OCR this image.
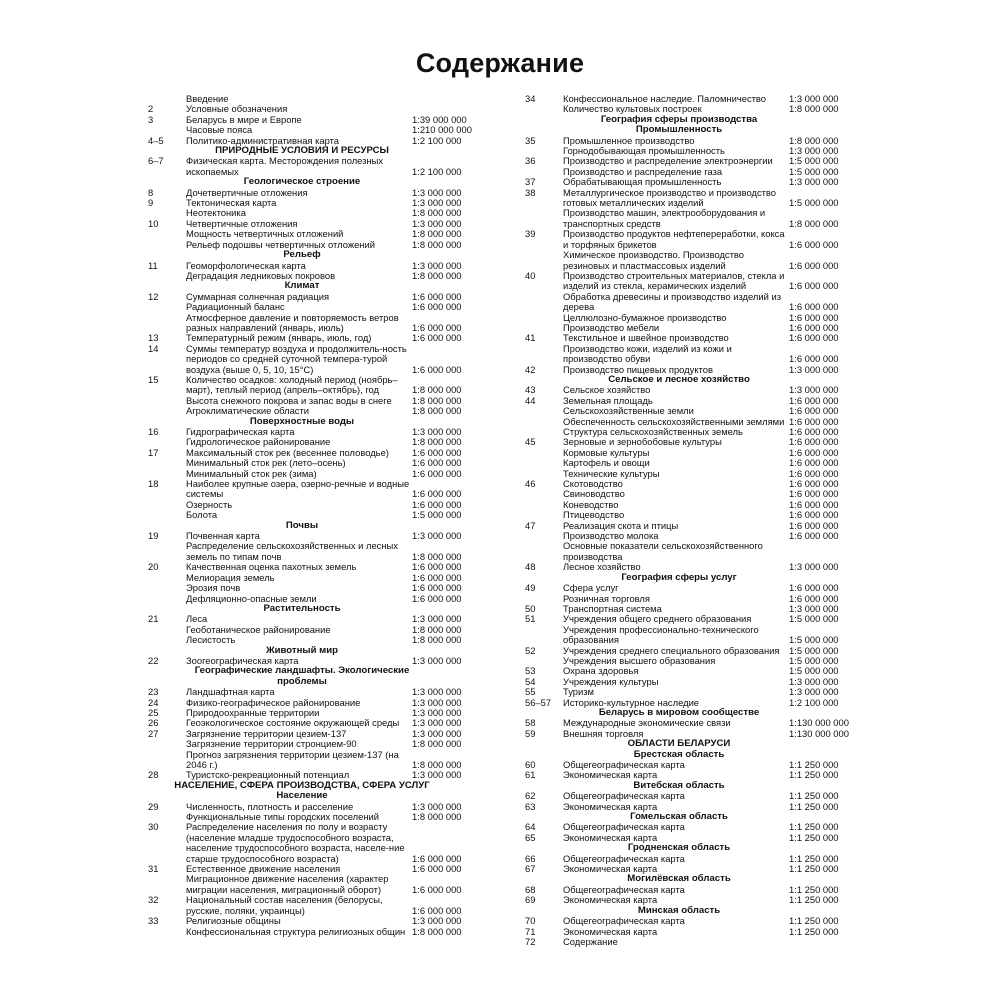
Содержание
Введение
2	Условные обозначения
3	Беларусь в мире и Европе	1:39 000 000
Часовые пояса	1:210 000 000
4–5 Политико-административная карта	1:2 100 000
ПРИРОДНЫЕ УСЛОВИЯ И РЕСУРСЫ
6–7 Физическая карта. Месторождения полезных ископаемых	1:2 100 000
Геологическое строение
8	Дочетвертичные отложения	1:3 000 000
9	Тектоническая карта	1:3 000 000
Неотектоника	1:8 000 000
10	Четвертичные отложения	1:3 000 000
Мощность четвертичных отложений	1:8 000 000
Рельеф подошвы четвертичных отложений	1:8 000 000
Рельеф
11	Геоморфологическая карта	1:3 000 000
Деградация ледниковых покровов	1:8 000 000
Климат
12	Суммарная солнечная радиация	1:6 000 000
Радиационный баланс	1:6 000 000
Атмосферное давление и повторяемость ветров разных направлений (январь, июль)	1:6 000 000
13	Температурный режим (январь, июль, год)	1:6 000 000
14	Суммы температур воздуха и продолжитель-ность периодов со средней суточной темпера-турой воздуха (выше 0, 5, 10, 15°С)	1:6 000 000
15	Количество осадков: холодный период (ноябрь–март), теплый период (апрель–октябрь), год	1:8 000 000
Высота снежного покрова и запас воды в снеге	1:8 000 000
Агроклиматические области	1:8 000 000
Поверхностные воды
16	Гидрографическая карта	1:3 000 000
Гидрологическое районирование	1:8 000 000
17	Максимальный сток рек (весеннее половодье)	1:6 000 000
Минимальный сток рек (лето–осень)	1:6 000 000
Минимальный сток рек (зима)	1:6 000 000
18	Наиболее крупные озера, озерно-речные и водные системы	1:6 000 000
Озерность	1:6 000 000
Болота	1:5 000 000
Почвы
19	Почвенная карта	1:3 000 000
Распределение сельскохозяйственных и лесных земель по типам почв	1:8 000 000
20	Качественная оценка пахотных земель	1:6 000 000
Мелиорация земель	1:6 000 000
Эрозия почв	1:6 000 000
Дефляционно-опасные земли	1:6 000 000
Растительность
21	Леса	1:3 000 000
Геоботаническое районирование	1:8 000 000
Лесистость	1:8 000 000
Животный мир
22	Зоогеографическая карта	1:3 000 000
Географические ландшафты. Экологические проблемы
23	Ландшафтная карта	1:3 000 000
24	Физико-географическое районирование	1:3 000 000
25	Природоохранные территории	1:3 000 000
26	Геоэкологическое состояние окружающей среды	1:3 000 000
27	Загрязнение территории цезием-137	1:3 000 000
Загрязнение территории стронцием-90	1:8 000 000
Прогноз загрязнения территории цезием-137 (на 2046 г.)	1:8 000 000
28	Туристско-рекреационный потенциал	1:3 000 000
НАСЕЛЕНИЕ, СФЕРА ПРОИЗВОДСТВА, СФЕРА УСЛУГ
Население
29	Численность, плотность и расселение	1:3 000 000
Функциональные типы городских поселений	1:8 000 000
30	Распределение населения по полу и возрасту (население младше трудоспособного возраста, население трудоспособного возраста, населе-ние старше трудоспособного возраста)	1:6 000 000
31	Естественное движение населения	1:6 000 000
Миграционное движение населения (характер миграции населения, миграционный оборот)	1:6 000 000
32	Национальный состав населения (белорусы, русские, поляки, украинцы)	1:6 000 000
33	Религиозные общины	1:3 000 000
Конфессиональная структура религиозных общин 1:8 000 000
34	Конфессиональное наследие. Паломничество	1:3 000 000
Количество культовых построек	1:8 000 000
География сферы производства
Промышленность
35	Промышленное производство	1:8 000 000
Горнодобывающая промышленность	1:3 000 000
36	Производство и распределение электроэнергии	1:5 000 000
Производство и распределение газа	1:5 000 000
37	Обрабатывающая промышленность	1:3 000 000
38	Металлургическое производство и производство готовых металлических изделий	1:5 000 000
Производство машин, электрооборудования и транспортных средств	1:8 000 000
39	Производство продуктов нефтепереработки, кокса и торфяных брикетов	1:6 000 000
Химическое производство. Производство резиновых и пластмассовых изделий	1:6 000 000
40	Производство строительных материалов, стекла и изделий из стекла, керамических изделий	1:6 000 000
Обработка древесины и производство изделий из дерева	1:6 000 000
Целлюлозно-бумажное производство	1:6 000 000
Производство мебели	1:6 000 000
41	Текстильное и швейное производство	1:6 000 000
Производство кожи, изделий из кожи и производство обуви	1:6 000 000
42	Производство пищевых продуктов	1:3 000 000
Сельское и лесное хозяйство
43	Сельское хозяйство	1:3 000 000
44	Земельная площадь	1:6 000 000
Сельскохозяйственные земли	1:6 000 000
Обеспеченность сельскохозяйственными землями 1:6 000 000
Структура сельскохозяйственных земель	1:6 000 000
45	Зерновые и зернобобовые культуры	1:6 000 000
Кормовые культуры	1:6 000 000
Картофель и овощи	1:6 000 000
Технические культуры	1:6 000 000
46	Скотоводство	1:6 000 000
Свиноводство	1:6 000 000
Коневодство	1:6 000 000
Птицеводство	1:6 000 000
47	Реализация скота и птицы	1:6 000 000
Производство молока	1:6 000 000
Основные показатели сельскохозяйственного производства
48	Лесное хозяйство	1:3 000 000
География сферы услуг
49	Сфера услуг	1:6 000 000
Розничная торговля	1:6 000 000
50	Транспортная система	1:3 000 000
51	Учреждения общего среднего образования	1:5 000 000
Учреждения профессионально-технического образования	1:5 000 000
52	Учреждения среднего специального образования	1:5 000 000
Учреждения высшего образования	1:5 000 000
53	Охрана здоровья	1:5 000 000
54	Учреждения культуры	1:3 000 000
55	Туризм	1:3 000 000
56–57 Историко-культурное наследие	1:2 100 000
Беларусь в мировом сообществе
58	Международные экономические связи	1:130 000 000
59	Внешняя торговля	1:130 000 000
ОБЛАСТИ БЕЛАРУСИ
Брестская область
60	Общегеографическая карта	1:1 250 000
61	Экономическая карта	1:1 250 000
Витебская область
62	Общегеографическая карта	1:1 250 000
63	Экономическая карта	1:1 250 000
Гомельская область
64	Общегеографическая карта	1:1 250 000
65	Экономическая карта	1:1 250 000
Гродненская область
66	Общегеографическая карта	1:1 250 000
67	Экономическая карта	1:1 250 000
Могилёвская область
68	Общегеографическая карта	1:1 250 000
69	Экономическая карта	1:1 250 000
Минская область
70	Общегеографическая карта	1:1 250 000
71	Экономическая карта	1:1 250 000
72	Содержание
